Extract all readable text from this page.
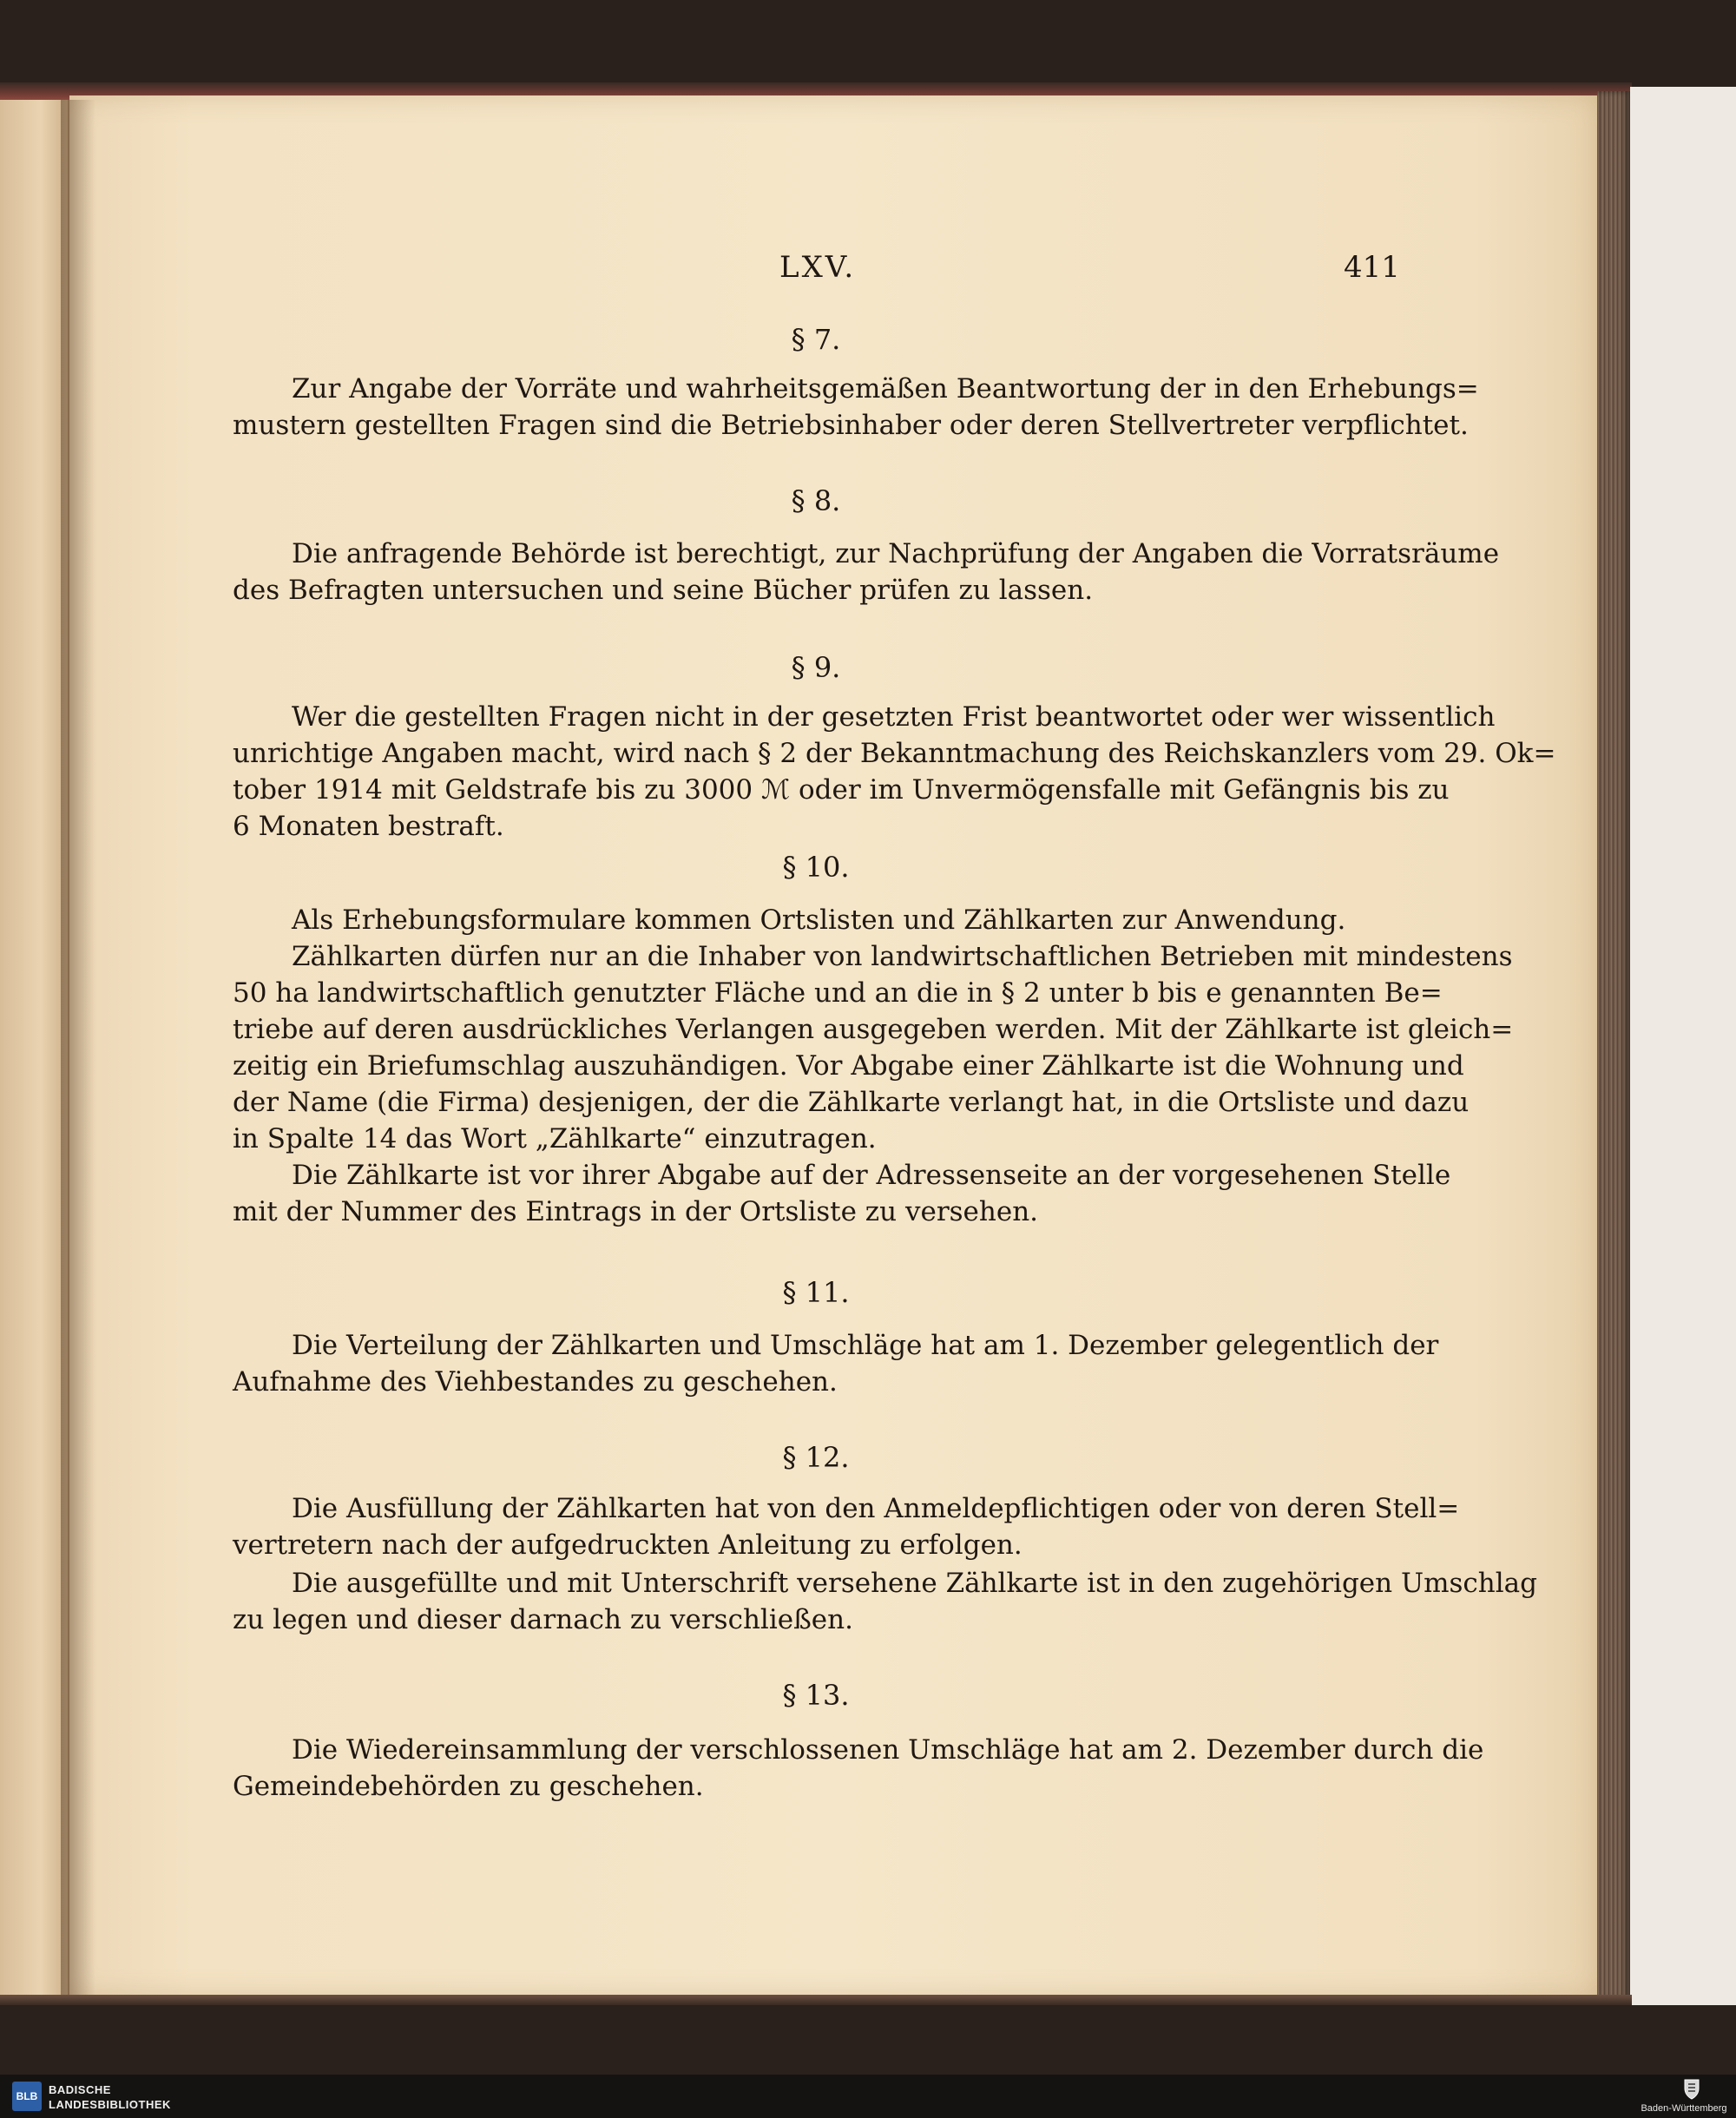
LXV.	411
§ 7.
Zur Angabe der Vorräte und wahrheitsgemäßen Beantwortung der in den Erhebungs=
mustern gestellten Fragen sind die Betriebsinhaber oder deren Stellvertreter verpflichtet.
§ 8.
Die anfragende Behörde ist berechtigt, zur Nachprüfung der Angaben die Vorratsräume
des Befragten untersuchen und seine Bücher prüfen zu lassen.
§ 9.
Wer die gestellten Fragen nicht in der gesetzten Frist beantwortet oder wer wissentlich
unrichtige Angaben macht, wird nach § 2 der Bekanntmachung des Reichskanzlers vom 29. Ok=
tober 1914 mit Geldstrafe bis zu 3000 ℳ oder im Unvermögensfalle mit Gefängnis bis zu
6 Monaten bestraft.
§ 10.
Als Erhebungsformulare kommen Ortslisten und Zählkarten zur Anwendung.
Zählkarten dürfen nur an die Inhaber von landwirtschaftlichen Betrieben mit mindestens
50 ha landwirtschaftlich genutzter Fläche und an die in § 2 unter b bis e genannten Be=
triebe auf deren ausdrückliches Verlangen ausgegeben werden. Mit der Zählkarte ist gleich=
zeitig ein Briefumschlag auszuhändigen. Vor Abgabe einer Zählkarte ist die Wohnung und
der Name (die Firma) desjenigen, der die Zählkarte verlangt hat, in die Ortsliste und dazu
in Spalte 14 das Wort „Zählkarte“ einzutragen.
Die Zählkarte ist vor ihrer Abgabe auf der Adressenseite an der vorgesehenen Stelle
mit der Nummer des Eintrags in der Ortsliste zu versehen.
§ 11.
Die Verteilung der Zählkarten und Umschläge hat am 1. Dezember gelegentlich der
Aufnahme des Viehbestandes zu geschehen.
§ 12.
Die Ausfüllung der Zählkarten hat von den Anmeldepflichtigen oder von deren Stell=
vertretern nach der aufgedruckten Anleitung zu erfolgen.
Die ausgefüllte und mit Unterschrift versehene Zählkarte ist in den zugehörigen Umschlag
zu legen und dieser darnach zu verschließen.
§ 13.
Die Wiedereinsammlung der verschlossenen Umschläge hat am 2. Dezember durch die
Gemeindebehörden zu geschehen.
BLB BADISCHE
LANDESBIBLIOTHEK	Baden-Württemberg
